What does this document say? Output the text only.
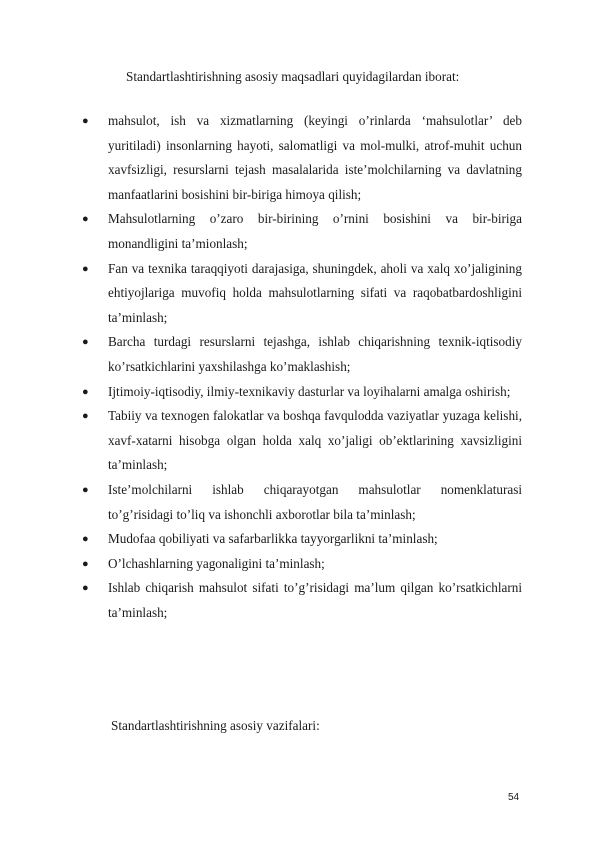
Standartlashtirishning asosiy maqsadlari quyidagilardan iborat:
● mahsulot, ish va xizmatlarning (keyingi o’rinlarda ‘mahsulotlar’ deb yuritiladi) insonlarning hayoti, salomatligi va mol-mulki, atrof-muhit uchun xavfsizligi, resurslarni tejash masalalarida iste’molchilarning va davlatning manfaatlarini bosishini bir-biriga himoya qilish;
● Mahsulotlarning o’zaro bir-birining o’rnini bosishini va bir-biriga monandligini ta’mionlash;
● Fan va texnika taraqqiyoti darajasiga, shuningdek, aholi va xalq xo’jaligining ehtiyojlariga muvofiq holda mahsulotlarning sifati va raqobatbardoshligini ta’minlash;
● Barcha turdagi resurslarni tejashga, ishlab chiqarishning texnik-iqtisodiy ko’rsatkichlarini yaxshilashga ko’maklashish;
● Ijtimoiy-iqtisodiy, ilmiy-texnikaviy dasturlar va loyihalarni amalga oshirish;
● Tabiiy va texnogen falokatlar va boshqa favqulodda vaziyatlar yuzaga kelishi, xavf-xatarni hisobga olgan holda xalq xo’jaligi ob’ektlarining xavsizligini ta’minlash;
● Iste’molchilarni ishlab chiqarayotgan mahsulotlar nomenklaturasi to’g’risidagi to’liq va ishonchli axborotlar bila ta’minlash;
● Mudofaa qobiliyati va safarbarlikka tayyorgarlikni ta’minlash;
● O’lchashlarning yagonaligini ta’minlash;
● Ishlab chiqarish mahsulot sifati to’g’risidagi ma’lum qilgan ko’rsatkichlarni ta’minlash;
Standartlashtirishning asosiy vazifalari:
54
